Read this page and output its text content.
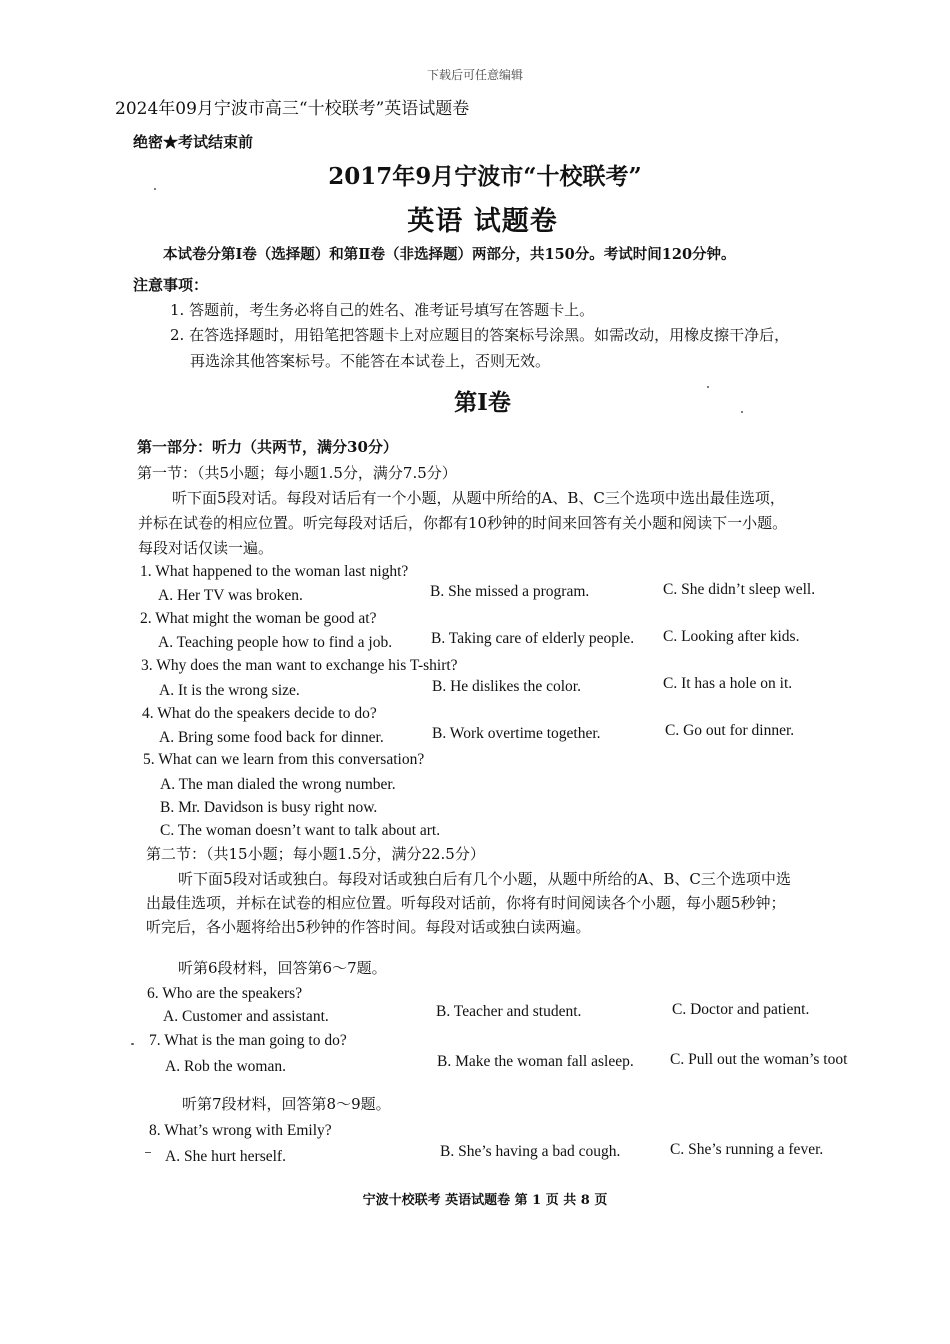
下载后可任意编辑
2024年09月宁波市高三“十校联考”英语试题卷
绝密★考试结束前
2017年9月宁波市“十校联考”
英语 试题卷
本试卷分第Ⅰ卷（选择题）和第Ⅱ卷（非选择题）两部分，共150分。考试时间120分钟。
注意事项：
1. 答题前，考生务必将自己的姓名、准考证号填写在答题卡上。
2. 在答选择题时，用铅笔把答题卡上对应题目的答案标号涂黑。如需改动，用橡皮擦干净后，
再选涂其他答案标号。不能答在本试卷上，否则无效。
第Ⅰ卷
第一部分：听力（共两节，满分30分）
第一节：（共5小题；每小题1.5分，满分7.5分）
听下面5段对话。每段对话后有一个小题，从题中所给的A、B、C三个选项中选出最佳选项，
并标在试卷的相应位置。听完每段对话后，你都有10秒钟的时间来回答有关小题和阅读下一小题。
每段对话仅读一遍。
1. What happened to the woman last night?
A. Her TV was broken.	B. She missed a program.	C. She didn’t sleep well.
2. What might the woman be good at?
A. Teaching people how to find a job.	B. Taking care of elderly people. C. Looking after kids.
3. Why does the man want to exchange his T-shirt?
A. It is the wrong size.	B. He dislikes the color.	C. It has a hole on it.
4. What do the speakers decide to do?
A. Bring some food back for dinner.	B. Work overtime together.	C. Go out for dinner.
5. What can we learn from this conversation?
A. The man dialed the wrong number.
B. Mr. Davidson is busy right now.
C. The woman doesn’t want to talk about art.
第二节：（共15小题；每小题1.5分，满分22.5分）
听下面5段对话或独白。每段对话或独白后有几个小题，从题中所给的A、B、C三个选项中选
出最佳选项，并标在试卷的相应位置。听每段对话前，你将有时间阅读各个小题，每小题5秒钟；
听完后，各小题将给出5秒钟的作答时间。每段对话或独白读两遍。
听第6段材料，回答第6～7题。
6. Who are the speakers?
A. Customer and assistant.	B. Teacher and student.	C. Doctor and patient.
7. What is the man going to do?
A. Rob the woman.	B. Make the woman fall asleep. C. Pull out the woman’s toot
听第7段材料，回答第8～9题。
8. What’s wrong with Emily?
A. She hurt herself.	B. She’s having a bad cough.	C. She’s running a fever.
宁波十校联考 英语试题卷 第 1 页 共 8 页
